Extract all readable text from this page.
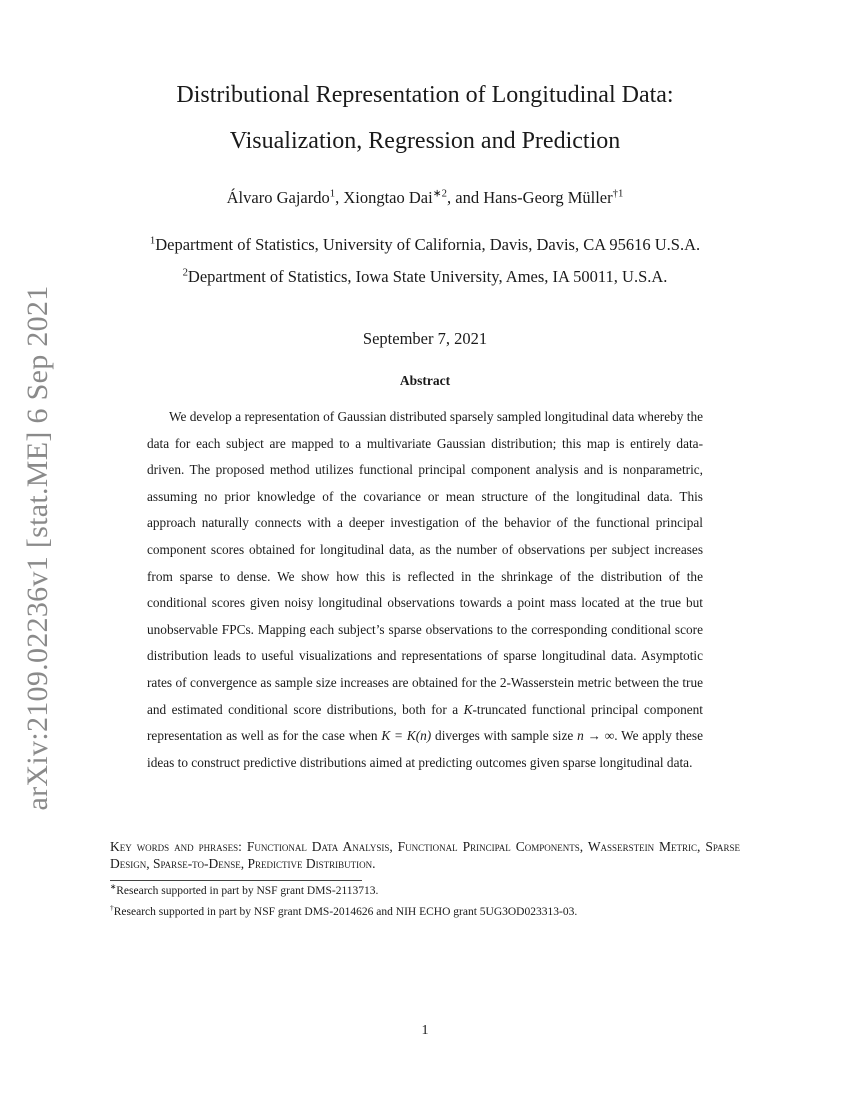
arXiv:2109.02236v1 [stat.ME] 6 Sep 2021
Distributional Representation of Longitudinal Data:
Visualization, Regression and Prediction
Álvaro Gajardo$^1$, Xiongtao Dai$^{∗2}$, and Hans-Georg Müller$^{\dagger 1}$
$^1$Department of Statistics, University of California, Davis, Davis, CA 95616 U.S.A.
$^2$Department of Statistics, Iowa State University, Ames, IA 50011, U.S.A.
September 7, 2021
Abstract

We develop a representation of Gaussian distributed sparsely sampled longitudinal data whereby the data for each subject are mapped to a multivariate Gaussian distribution; this map is entirely data-driven. The proposed method utilizes functional principal component analysis and is nonparametric, assuming no prior knowledge of the covariance or mean structure of the longitudinal data. This approach naturally connects with a deeper investigation of the behavior of the functional principal component scores obtained for longitudinal data, as the number of observations per subject increases from sparse to dense. We show how this is reflected in the shrinkage of the distribution of the conditional scores given noisy longitudinal observations towards a point mass located at the true but unobservable FPCs. Mapping each subject’s sparse observations to the corresponding conditional score distribution leads to useful visualizations and representations of sparse longitudinal data. Asymptotic rates of convergence as sample size increases are obtained for the 2-Wasserstein metric between the true and estimated conditional score distributions, both for a K-truncated functional principal component representation as well as for the case when K = K(n) diverges with sample size n → ∞. We apply these ideas to construct predictive distributions aimed at predicting outcomes given sparse longitudinal data.

Key words and phrases: Functional Data Analysis, Functional Principal Components, Wasserstein Metric, Sparse Design, Sparse-to-Dense, Predictive Distribution.

∗Research supported in part by NSF grant DMS-2113713.
†Research supported in part by NSF grant DMS-2014626 and NIH ECHO grant 5UG3OD023313-03.
1
